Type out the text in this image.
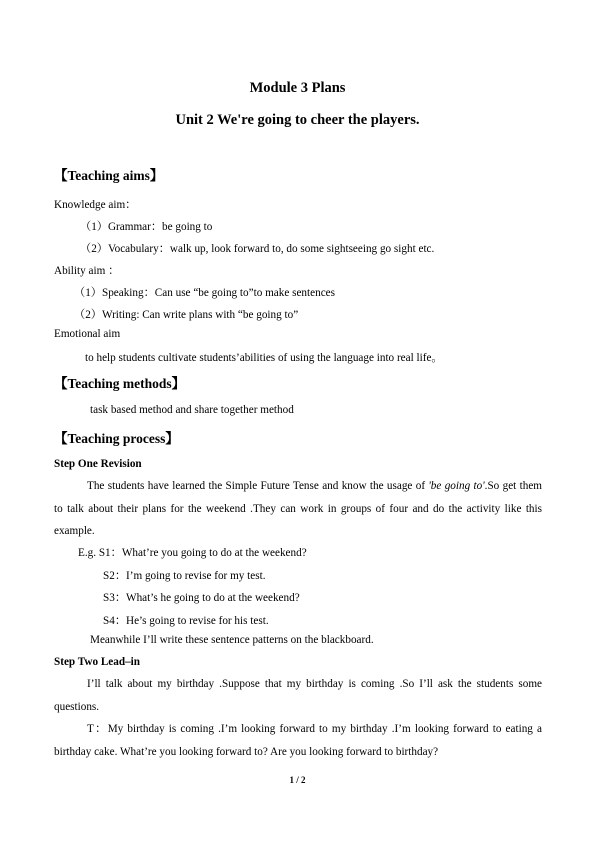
Module 3 Plans
Unit 2 We're going to cheer the players.
【Teaching aims】
Knowledge aim：
（1）Grammar：be going to
（2）Vocabulary：walk up, look forward to, do some sightseeing go sight etc.
Ability aim ：
（1）Speaking：Can use “be going to”to make sentences
（2）Writing: Can write plans with “be going to”
Emotional aim
to help students cultivate students’abilities of using the language into real life。
【Teaching methods】
task based method and share together method
【Teaching process】
Step One Revision
The students have learned the Simple Future Tense and know the usage of 'be going to'.So get them to talk about their plans for the weekend .They can work in groups of four and do the activity like this example.
E.g. S1：What’re you going to do at the weekend?
S2：I’m going to revise for my test.
S3：What’s he going to do at the weekend?
S4：He’s going to revise for his test.
Meanwhile I’ll write these sentence patterns on the blackboard.
Step Two Lead–in
I’ll talk about my birthday .Suppose that my birthday is coming .So I’ll ask the students some questions.
T：My birthday is coming .I’m looking forward to my birthday .I’m looking forward to eating a birthday cake. What’re you looking forward to? Are you looking forward to birthday?
1 / 2
